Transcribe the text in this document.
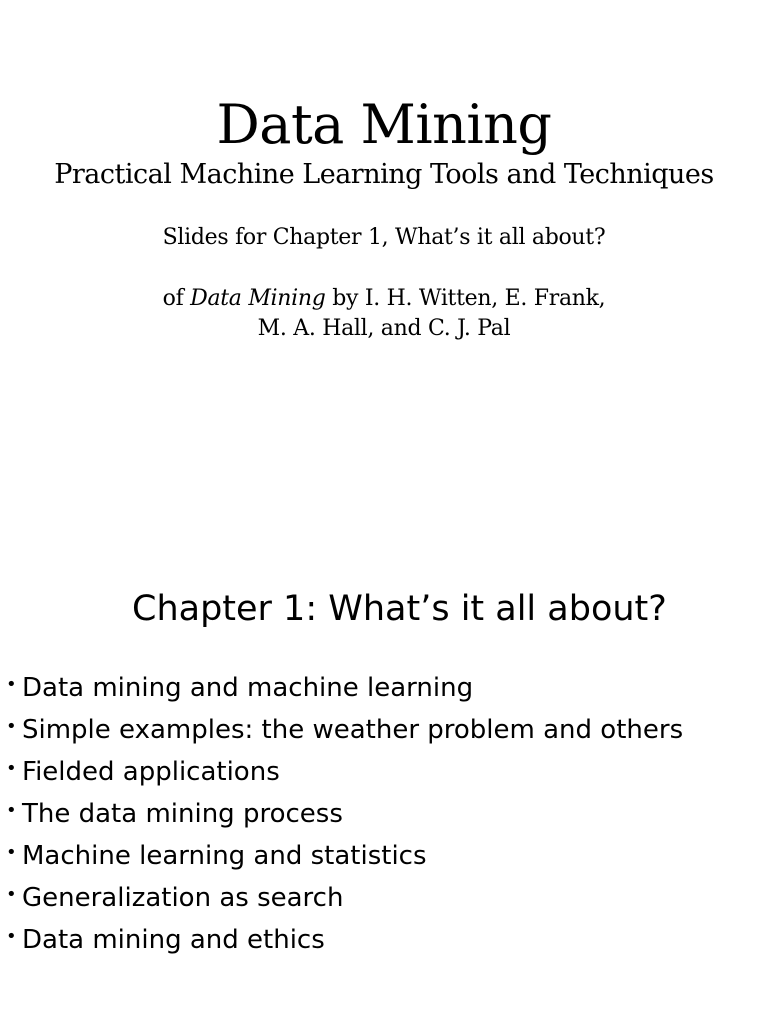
Data Mining
Practical Machine Learning Tools and Techniques
Slides for Chapter 1, What’s it all about?
of Data Mining by I. H. Witten, E. Frank,
M. A. Hall, and C. J. Pal
Chapter 1: What’s it all about?
• Data mining and machine learning
• Simple examples: the weather problem and others
• Fielded applications
• The data mining process
• Machine learning and statistics
• Generalization as search
• Data mining and ethics
